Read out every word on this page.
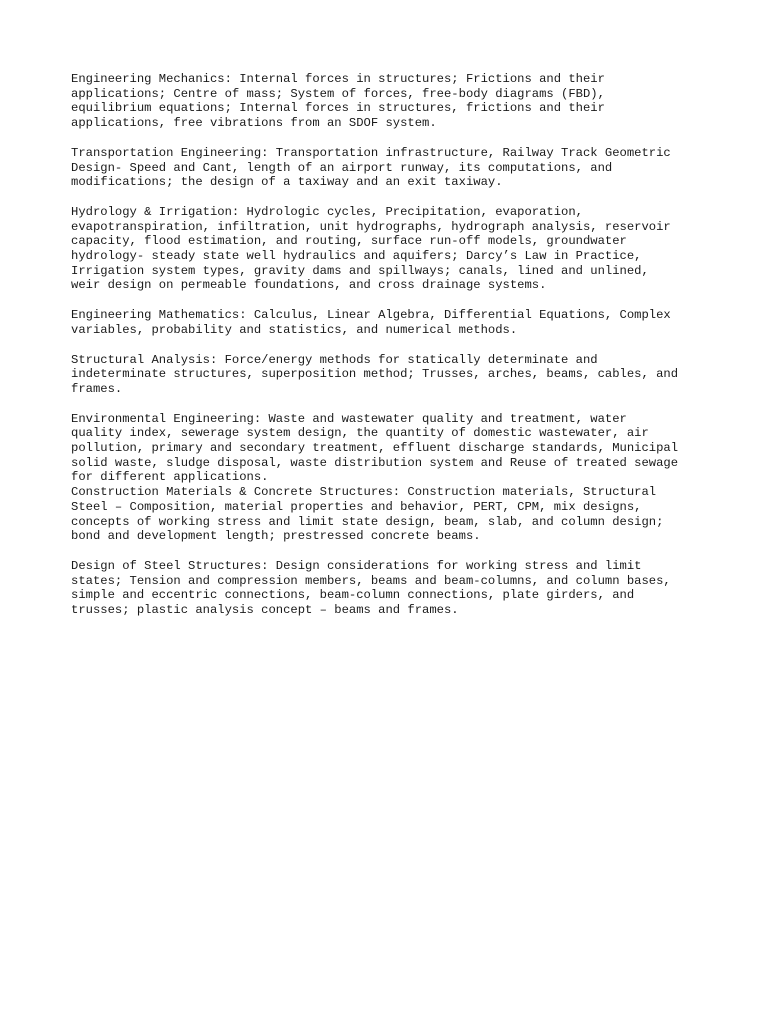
Engineering Mechanics: Internal forces in structures; Frictions and their
applications; Centre of mass; System of forces, free-body diagrams (FBD),
equilibrium equations; Internal forces in structures, frictions and their
applications, free vibrations from an SDOF system.

Transportation Engineering: Transportation infrastructure, Railway Track Geometric
Design- Speed and Cant, length of an airport runway, its computations, and
modifications; the design of a taxiway and an exit taxiway.

Hydrology & Irrigation: Hydrologic cycles, Precipitation, evaporation,
evapotranspiration, infiltration, unit hydrographs, hydrograph analysis, reservoir
capacity, flood estimation, and routing, surface run-off models, groundwater
hydrology- steady state well hydraulics and aquifers; Darcy’s Law in Practice,
Irrigation system types, gravity dams and spillways; canals, lined and unlined,
weir design on permeable foundations, and cross drainage systems.

Engineering Mathematics: Calculus, Linear Algebra, Differential Equations, Complex
variables, probability and statistics, and numerical methods.

Structural Analysis: Force/energy methods for statically determinate and
indeterminate structures, superposition method; Trusses, arches, beams, cables, and
frames.

Environmental Engineering: Waste and wastewater quality and treatment, water
quality index, sewerage system design, the quantity of domestic wastewater, air
pollution, primary and secondary treatment, effluent discharge standards, Municipal
solid waste, sludge disposal, waste distribution system and Reuse of treated sewage
for different applications.

Construction Materials & Concrete Structures: Construction materials, Structural
Steel – Composition, material properties and behavior, PERT, CPM, mix designs,
concepts of working stress and limit state design, beam, slab, and column design;
bond and development length; prestressed concrete beams.

Design of Steel Structures: Design considerations for working stress and limit
states; Tension and compression members, beams and beam-columns, and column bases,
simple and eccentric connections, beam-column connections, plate girders, and
trusses; plastic analysis concept – beams and frames.
